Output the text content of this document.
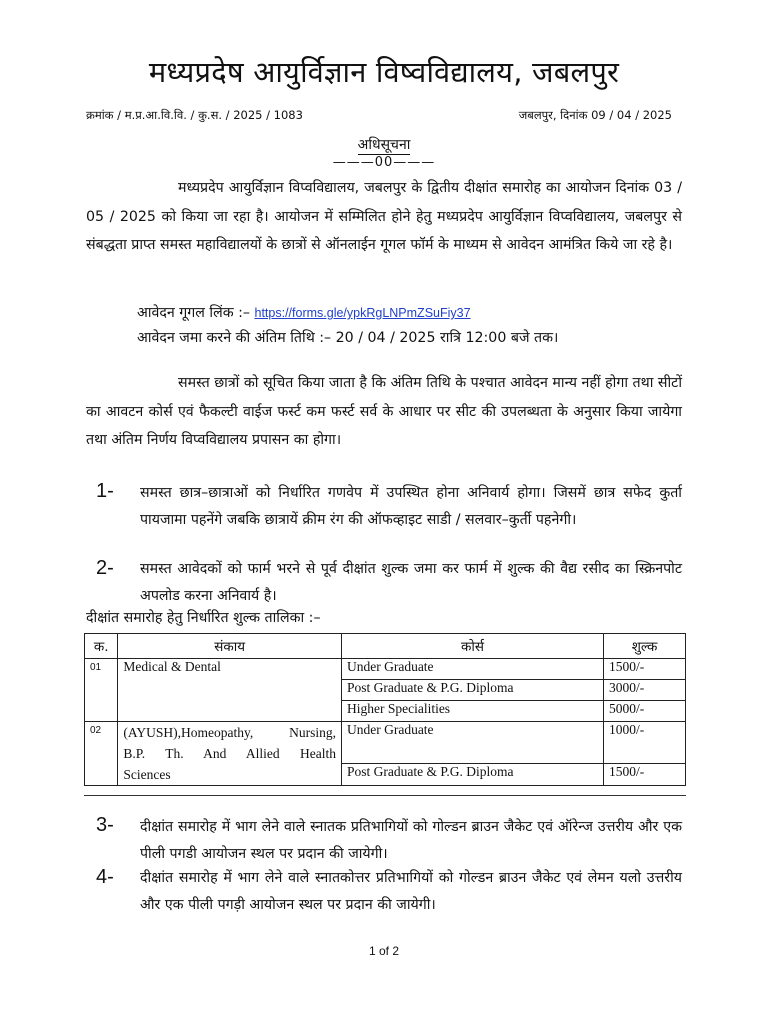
मध्यप्रदेष आयुर्विज्ञान विष्वविद्यालय, जबलपुर
क्रमांक / म.प्र.आ.वि.वि. / कु.स. / 2025 / 1083	जबलपुर, दिनांक 09 / 04 / 2025
अधिसूचना
———00———
मध्यप्रदेप आयुर्विज्ञान विप्वविद्यालय, जबलपुर के द्वितीय दीक्षांत समारोह का आयोजन दिनांक 03 / 05 / 2025 को किया जा रहा है। आयोजन में सम्मिलित होने हेतु मध्यप्रदेप आयुर्विज्ञान विप्वविद्यालय, जबलपुर से संबद्धता प्राप्त समस्त महाविद्यालयों के छात्रों से ऑनलाईन गूगल फॉर्म के माध्यम से आवेदन आमंत्रित किये जा रहे है।
आवेदन गूगल लिंक :– https://forms.gle/ypkRgLNPmZSuFiy37
आवेदन जमा करने की अंतिम तिथि :– 20 / 04 / 2025 रात्रि 12:00 बजे तक।
समस्त छात्रों को सूचित किया जाता है कि अंतिम तिथि के पश्चात आवेदन मान्य नहीं होगा तथा सीटों का आवटन कोर्स एवं फैकल्टी वाईज फर्स्ट कम फर्स्ट सर्व के आधार पर सीट की उपलब्धता के अनुसार किया जायेगा तथा अंतिम निर्णय विप्वविद्यालय प्रपासन का होगा।
1- समस्त छात्र–छात्राओं को निर्धारित गणवेप में उपस्थित होना अनिवार्य होगा। जिसमें छात्र सफेद कुर्ता पायजामा पहनेंगे जबकि छात्रायें क्रीम रंग की ऑफव्हाइट साडी / सलवार–कुर्ती पहनेगी।
2- समस्त आवेदकों को फार्म भरने से पूर्व दीक्षांत शुल्क जमा कर फार्म में शुल्क की वैद्य रसीद का स्क्रिनपोट अपलोड करना अनिवार्य है।
दीक्षांत समारोह हेतु निर्धारित शुल्क तालिका :–
क.	संकाय	कोर्स	शुल्क
01	Medical & Dental	Under Graduate	1500/-
		Post Graduate & P.G. Diploma	3000/-
		Higher Specialities	5000/-
02	(AYUSH),Homeopathy, Nursing,
B.P. Th. And Allied Health
Sciences	Under Graduate	1000/-
		Post Graduate & P.G. Diploma	1500/-
3- दीक्षांत समारोह में भाग लेने वाले स्नातक प्रतिभागियों को गोल्डन ब्राउन जैकेट एवं ऑरेन्ज उत्तरीय और एक पीली पगडी आयोजन स्थल पर प्रदान की जायेगी।
4- दीक्षांत समारोह में भाग लेने वाले स्नातकोत्तर प्रतिभागियों को गोल्डन ब्राउन जैकेट एवं लेमन यलो उत्तरीय और एक पीली पगड़ी आयोजन स्थल पर प्रदान की जायेगी।
1 of 2
